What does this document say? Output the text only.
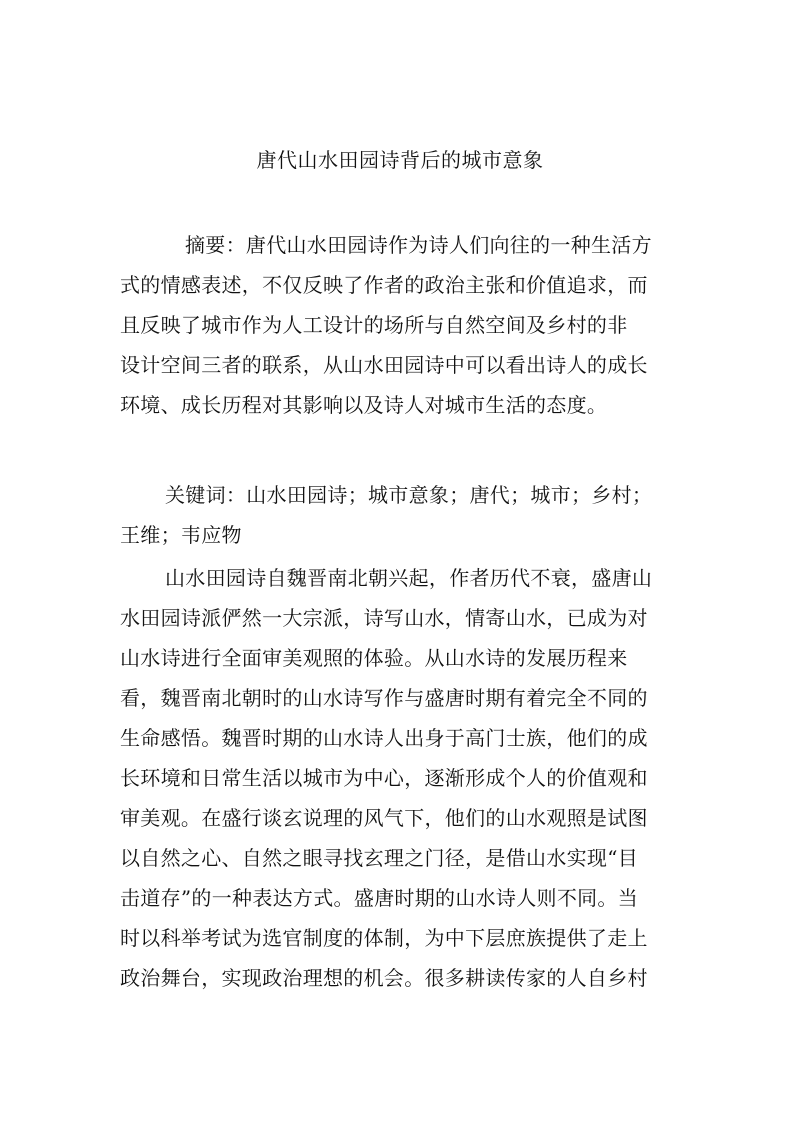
唐代山水田园诗背后的城市意象
摘要：唐代山水田园诗作为诗人们向往的一种生活方
式的情感表述，不仅反映了作者的政治主张和价值追求，而
且反映了城市作为人工设计的场所与自然空间及乡村的非
设计空间三者的联系，从山水田园诗中可以看出诗人的成长
环境、成长历程对其影响以及诗人对城市生活的态度。
关键词：山水田园诗；城市意象；唐代；城市；乡村；
王维；韦应物
山水田园诗自魏晋南北朝兴起，作者历代不衰，盛唐山
水田园诗派俨然一大宗派，诗写山水，情寄山水，已成为对
山水诗进行全面审美观照的体验。从山水诗的发展历程来
看，魏晋南北朝时的山水诗写作与盛唐时期有着完全不同的
生命感悟。魏晋时期的山水诗人出身于高门士族，他们的成
长环境和日常生活以城市为中心，逐渐形成个人的价值观和
审美观。在盛行谈玄说理的风气下，他们的山水观照是试图
以自然之心、自然之眼寻找玄理之门径，是借山水实现“目
击道存”的一种表达方式。盛唐时期的山水诗人则不同。当
时以科举考试为选官制度的体制，为中下层庶族提供了走上
政治舞台，实现政治理想的机会。很多耕读传家的人自乡村
